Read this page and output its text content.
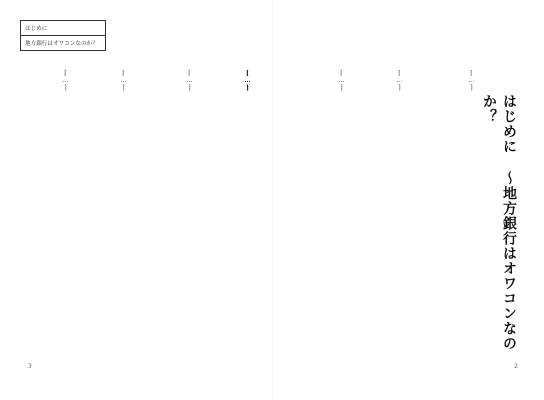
はじめに 〜地方銀行はオワコンなのか？
[…]
[…]
[…]
2
はじめに
地方銀行はオワコンなのか？
[…]
[…]
[…]
[…]
3
